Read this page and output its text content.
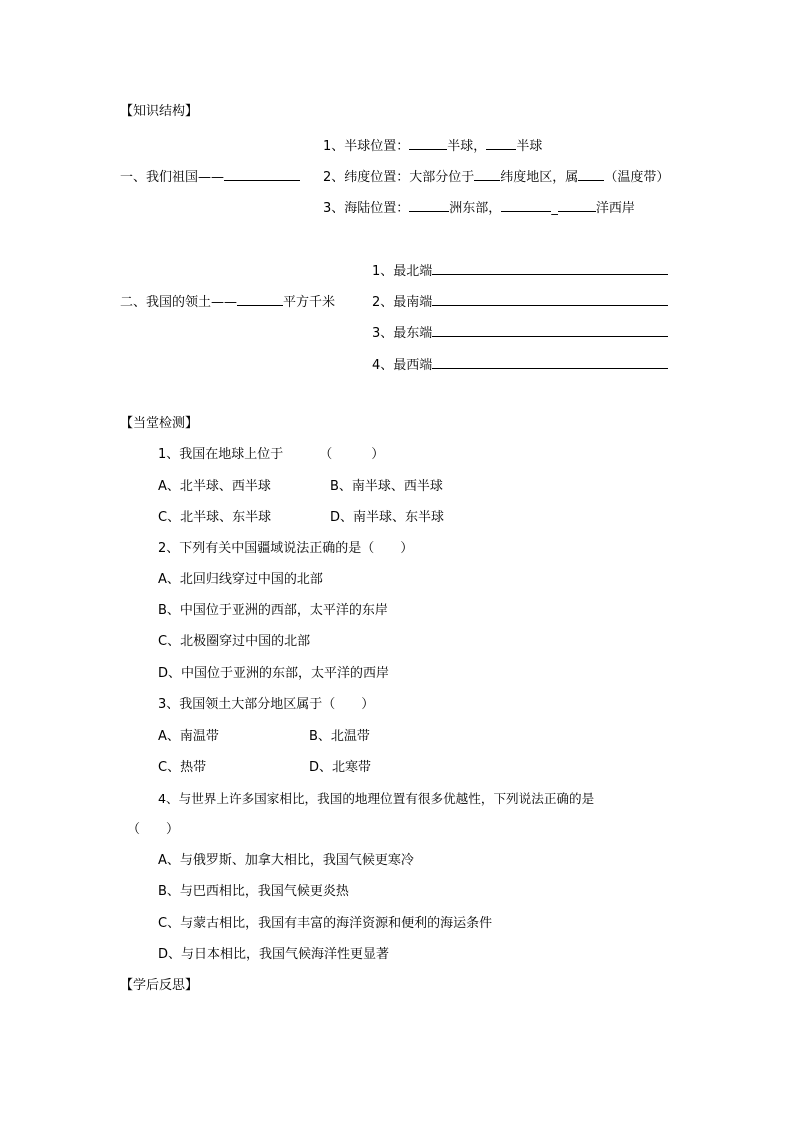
【知识结构】
1、半球位置：	半球， 半球
一、我们祖国——	2、纬度位置：大部分位于 纬度地区，属 （温度带）
3、海陆位置：	洲东部，	_	洋西岸
1、最北端
二、我国的领土——	平方千米	2、最南端
3、最东端
4、最西端
【当堂检测】
1、我国在地球上位于	（　　　）
A、北半球、西半球	B、南半球、西半球
C、北半球、东半球	D、南半球、东半球
2、下列有关中国疆域说法正确的是（　　）
A、北回归线穿过中国的北部
B、中国位于亚洲的西部，太平洋的东岸
C、北极圈穿过中国的北部
D、中国位于亚洲的东部，太平洋的西岸
3、我国领土大部分地区属于（　　）
A、南温带	B、北温带
C、热带	D、北寒带
4、与世界上许多国家相比，我国的地理位置有很多优越性，下列说法正确的是
（　　）
A、与俄罗斯、加拿大相比，我国气候更寒冷
B、与巴西相比，我国气候更炎热
C、与蒙古相比，我国有丰富的海洋资源和便利的海运条件
D、与日本相比，我国气候海洋性更显著
【学后反思】
